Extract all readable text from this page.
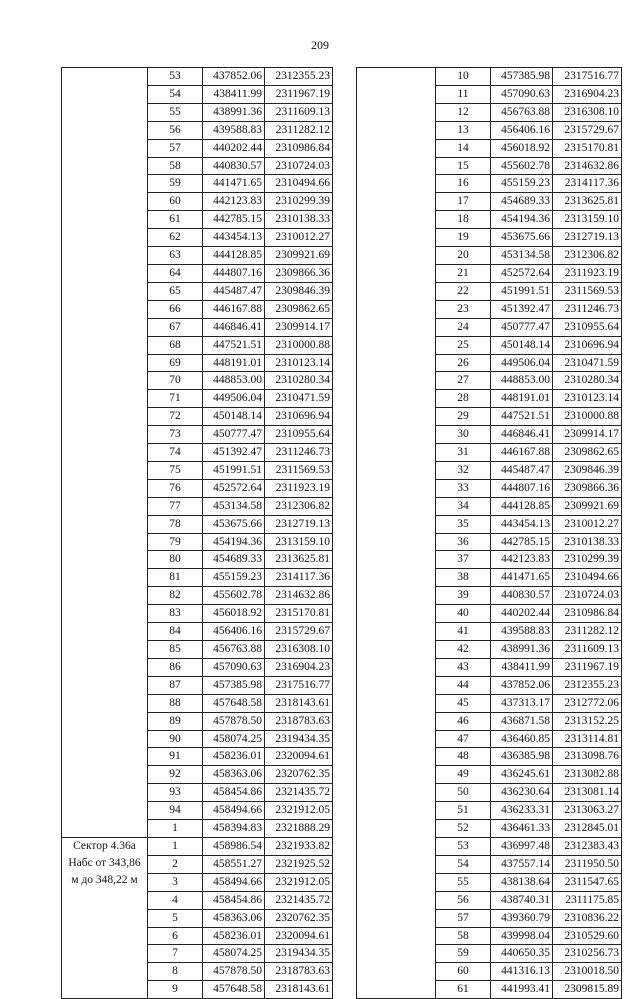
209
	53	437852.06	2312355.23
	54	438411.99	2311967.19
	55	438991.36	2311609.13
	56	439588.83	2311282.12
	57	440202.44	2310986.84
	58	440830.57	2310724.03
	59	441471.65	2310494.66
	60	442123.83	2310299.39
	61	442785.15	2310138.33
	62	443454.13	2310012.27
	63	444128.85	2309921.69
	64	444807.16	2309866.36
	65	445487.47	2309846.39
	66	446167.88	2309862.65
	67	446846.41	2309914.17
	68	447521.51	2310000.88
	69	448191.01	2310123.14
	70	448853.00	2310280.34
	71	449506.04	2310471.59
	72	450148.14	2310696.94
	73	450777.47	2310955.64
	74	451392.47	2311246.73
	75	451991.51	2311569.53
	76	452572.64	2311923.19
	77	453134.58	2312306.82
	78	453675.66	2312719.13
	79	454194.36	2313159.10
	80	454689.33	2313625.81
	81	455159.23	2314117.36
	82	455602.78	2314632.86
	83	456018.92	2315170.81
	84	456406.16	2315729.67
	85	456763.88	2316308.10
	86	457090.63	2316904.23
	87	457385.98	2317516.77
	88	457648.58	2318143.61
	89	457878.50	2318783.63
	90	458074.25	2319434.35
	91	458236.01	2320094.61
	92	458363.06	2320762.35
	93	458454.86	2321435.72
	94	458494.66	2321912.05
	1	458394.83	2321888.29
Сектор 4.36а Набс от 343,86 м до 348,22 м	1	458986.54	2321933.82
	2	458551.27	2321925.52
	3	458494.66	2321912.05
	4	458454.86	2321435.72
	5	458363.06	2320762.35
	6	458236.01	2320094.61
	7	458074.25	2319434.35
	8	457878.50	2318783.63
	9	457648.58	2318143.61
	10	457385.98	2317516.77
	11	457090.63	2316904.23
	12	456763.88	2316308.10
	13	456406.16	2315729.67
	14	456018.92	2315170.81
	15	455602.78	2314632.86
	16	455159.23	2314117.36
	17	454689.33	2313625.81
	18	454194.36	2313159.10
	19	453675.66	2312719.13
	20	453134.58	2312306.82
	21	452572.64	2311923.19
	22	451991.51	2311569.53
	23	451392.47	2311246.73
	24	450777.47	2310955.64
	25	450148.14	2310696.94
	26	449506.04	2310471.59
	27	448853.00	2310280.34
	28	448191.01	2310123.14
	29	447521.51	2310000.88
	30	446846.41	2309914.17
	31	446167.88	2309862.65
	32	445487.47	2309846.39
	33	444807.16	2309866.36
	34	444128.85	2309921.69
	35	443454.13	2310012.27
	36	442785.15	2310138.33
	37	442123.83	2310299.39
	38	441471.65	2310494.66
	39	440830.57	2310724.03
	40	440202.44	2310986.84
	41	439588.83	2311282.12
	42	438991.36	2311609.13
	43	438411.99	2311967.19
	44	437852.06	2312355.23
	45	437313.17	2312772.06
	46	436871.58	2313152.25
	47	436460.85	2313114.81
	48	436385.98	2313098.76
	49	436245.61	2313082.88
	50	436230.64	2313081.14
	51	436233.31	2313063.27
	52	436461.33	2312845.01
	53	436997.48	2312383.43
	54	437557.14	2311950.50
	55	438138.64	2311547.65
	56	438740.31	2311175.85
	57	439360.79	2310836.22
	58	439998.04	2310529.60
	59	440650.35	2310256.73
	60	441316.13	2310018.50
	61	441993.41	2309815.89
